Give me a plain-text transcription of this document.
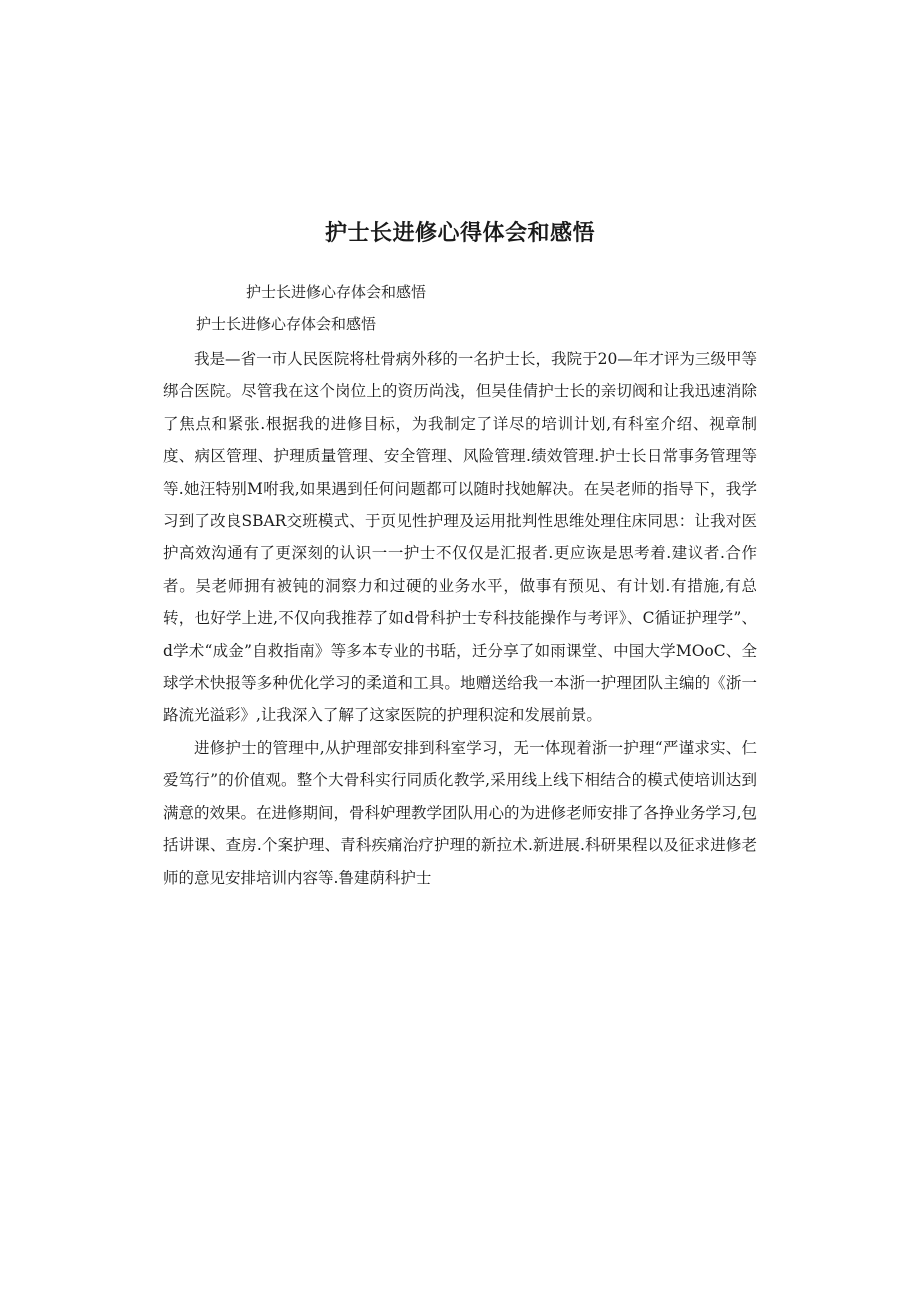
护士长进修心得体会和感悟

护士长进修心存体会和感悟

护士长进修心存体会和感悟

我是—省一市人民医院将杜骨病外移的一名护士长，我院于20—年才评为三级甲等绑合医院。尽管我在这个岗位上的资历尚浅，但吴佳倩护士长的亲切阀和让我迅速消除了焦点和紧张.根据我的进修目标，为我制定了详尽的培训计划,有科室介绍、视章制度、病区管理、护理质量管理、安全管理、风险管理.绩效管理.护士长日常事务管理等等.她汪特别M咐我,如果遇到任何问题都可以随时找她解决。在吴老师的指导下，我学习到了改良SBAR交班模式、于页见性护理及运用批判性思维处理住床同思：让我对医护高效沟通有了更深刻的认识一一护士不仅仅是汇报者.更应诙是思考着.建议者.合作者。吴老师拥有被钝的洞察力和过硬的业务水平，做事有预见、有计划.有措施,有总转，也好学上进,不仅向我推荐了如d骨科护士专科技能操作与考评》、C循证护理学”、d学术“成金”自救指南》等多本专业的书聒，迁分享了如雨课堂、中国大学MOoC、全球学术快报等多种优化学习的柔道和工具。地赠送给我一本浙一护理团队主编的《浙一路流光溢彩》,让我深入了解了这家医院的护理积淀和发展前景。

进修护士的管理中,从护理部安排到科室学习，无一体现着浙一护理“严谨求实、仁爱笃行”的价值观。整个大骨科实行同质化教学,采用线上线下相结合的模式使培训达到满意的效果。在进修期间，骨科妒理教学团队用心的为进修老师安排了各挣业务学习,包括讲课、查房.个案护理、青科疾痛治疗护理的新拉术.新进展.科研果程以及征求进修老师的意见安排培训内容等.鲁建荫科护士
